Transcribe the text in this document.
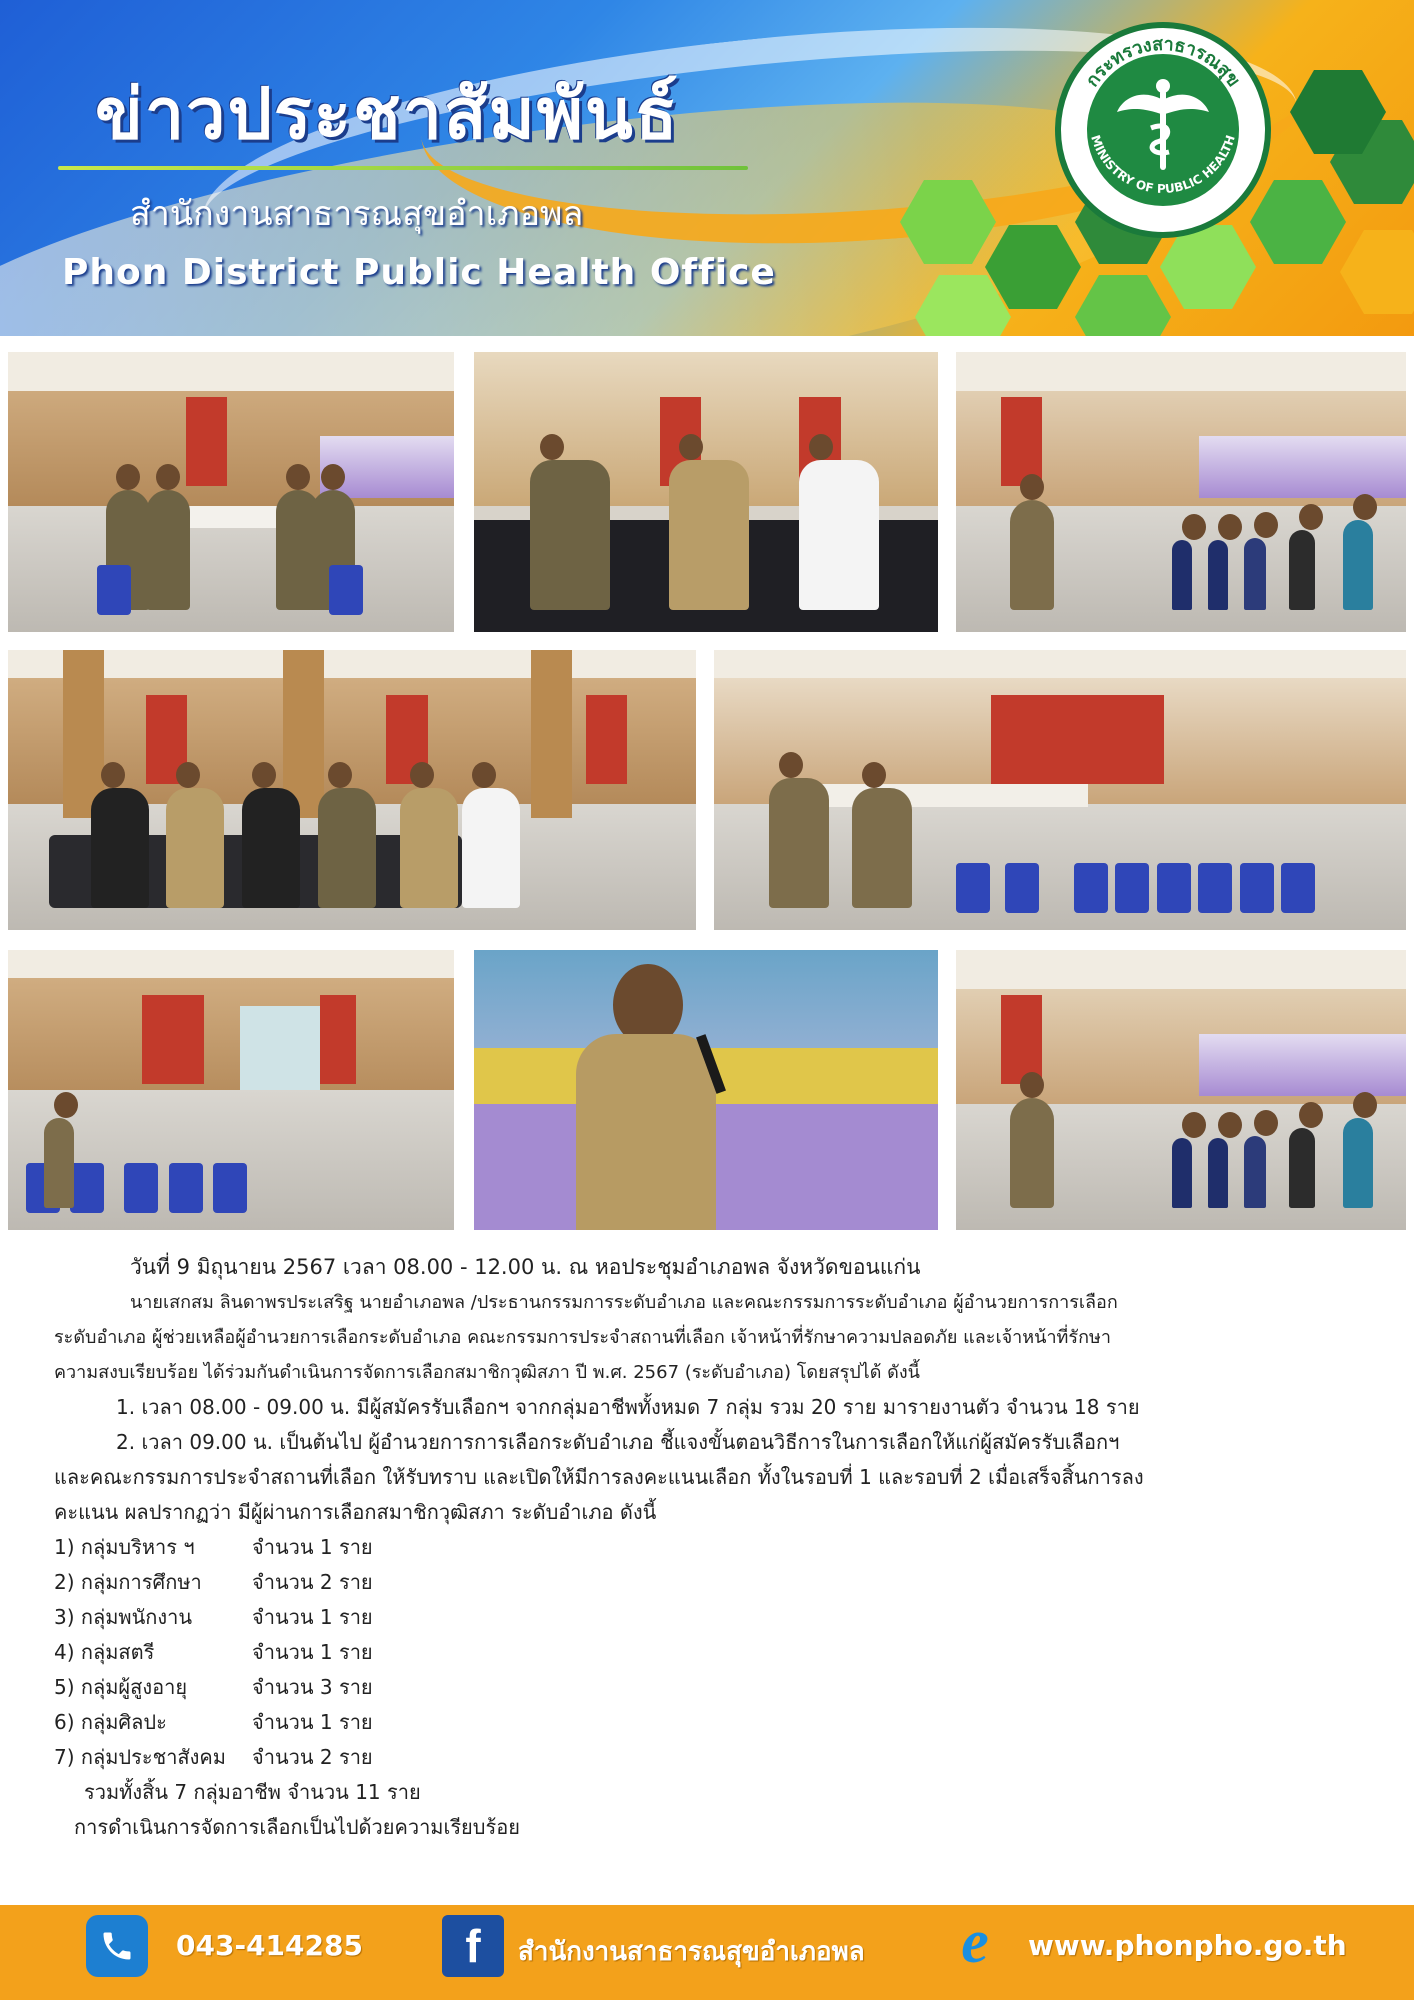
ข่าวประชาสัมพันธ์
สำนักงานสาธารณสุขอำเภอพล
Phon District Public Health Office
กระทรวงสาธารณสุข
MINISTRY OF PUBLIC HEALTH

วันที่ 9 มิถุนายน 2567 เวลา 08.00 - 12.00 น. ณ หอประชุมอำเภอพล จังหวัดขอนแก่น

นายเสกสม ลินดาพรประเสริฐ นายอำเภอพล /ประธานกรรมการระดับอำเภอ และคณะกรรมการระดับอำเภอ ผู้อำนวยการการเลือก

ระดับอำเภอ ผู้ช่วยเหลือผู้อำนวยการเลือกระดับอำเภอ คณะกรรมการประจำสถานที่เลือก เจ้าหน้าที่รักษาความปลอดภัย และเจ้าหน้าที่รักษา

ความสงบเรียบร้อย ได้ร่วมกันดำเนินการจัดการเลือกสมาชิกวุฒิสภา ปี พ.ศ. 2567 (ระดับอำเภอ) โดยสรุปได้ ดังนี้

1. เวลา 08.00 - 09.00 น. มีผู้สมัครรับเลือกฯ จากกลุ่มอาชีพทั้งหมด 7 กลุ่ม รวม 20 ราย มารายงานตัว จำนวน 18 ราย

2. เวลา 09.00 น. เป็นต้นไป ผู้อำนวยการการเลือกระดับอำเภอ ชี้แจงขั้นตอนวิธีการในการเลือกให้แก่ผู้สมัครรับเลือกฯ

และคณะกรรมการประจำสถานที่เลือก ให้รับทราบ และเปิดให้มีการลงคะแนนเลือก ทั้งในรอบที่ 1 และรอบที่ 2 เมื่อเสร็จสิ้นการลง

คะแนน ผลปรากฏว่า มีผู้ผ่านการเลือกสมาชิกวุฒิสภา ระดับอำเภอ ดังนี้

1) กลุ่มบริหาร ฯ	จำนวน 1 ราย
2) กลุ่มการศึกษา	จำนวน 2 ราย
3) กลุ่มพนักงาน	จำนวน 1 ราย
4) กลุ่มสตรี	จำนวน 1 ราย
5) กลุ่มผู้สูงอายุ	จำนวน 3 ราย
6) กลุ่มศิลปะ	จำนวน 1 ราย
7) กลุ่มประชาสังคม	จำนวน 2 ราย

รวมทั้งสิ้น 7 กลุ่มอาชีพ จำนวน 11 ราย

การดำเนินการจัดการเลือกเป็นไปด้วยความเรียบร้อย

043-414285	f	สำนักงานสาธารณสุขอำเภอพล e	www.phonpho.go.th
